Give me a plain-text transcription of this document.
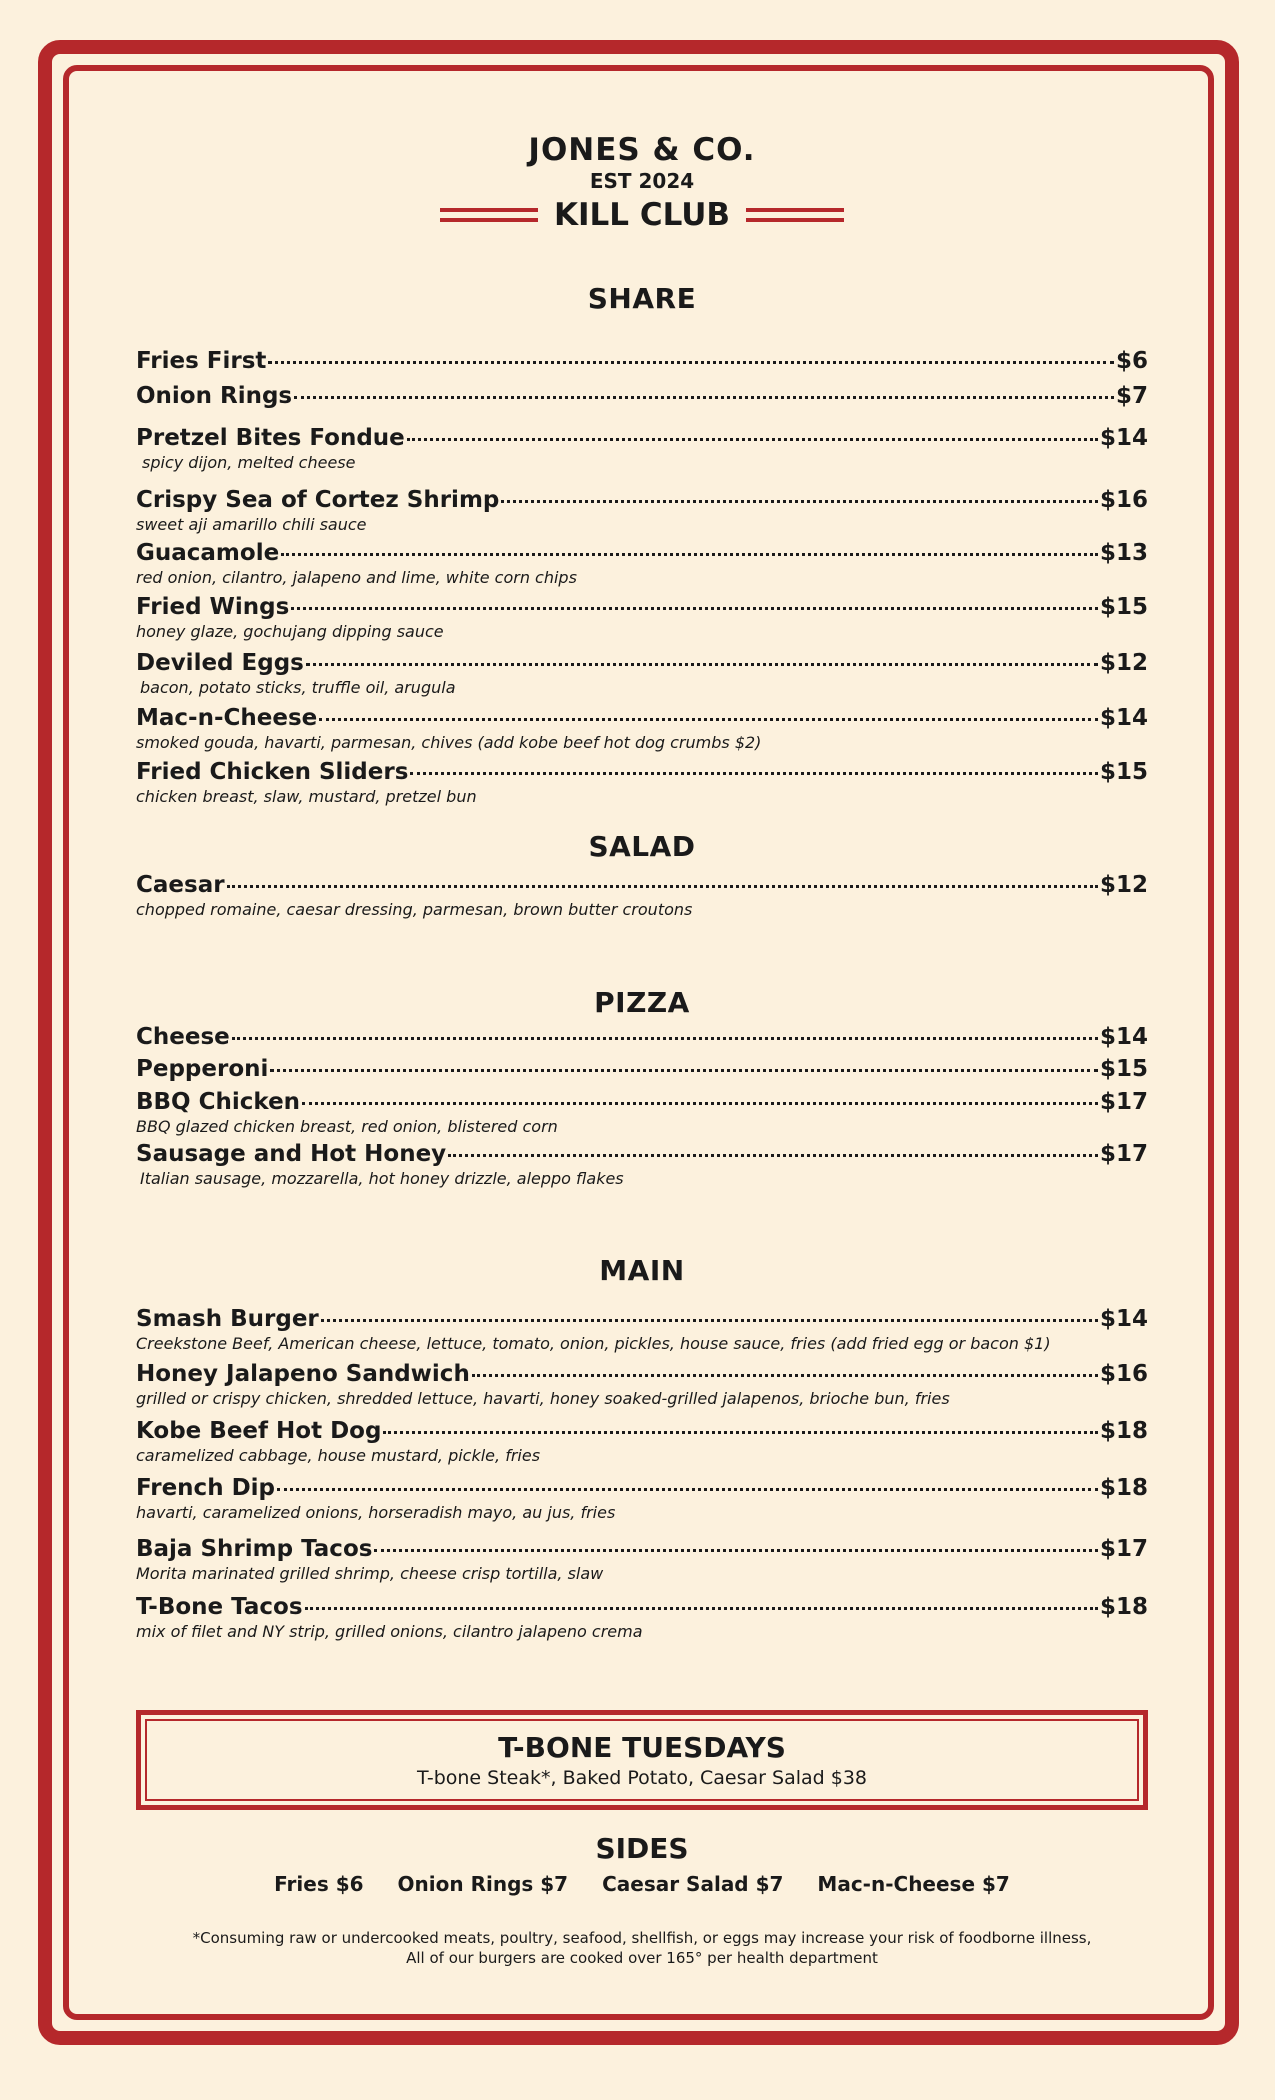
JONES & CO.
EST 2024
KILL CLUB
SHARE
Fries First	$6
Onion Rings	$7
Pretzel Bites Fondue	$14
spicy dijon, melted cheese
Crispy Sea of Cortez Shrimp	$16
sweet aji amarillo chili sauce
Guacamole	$13
red onion, cilantro, jalapeno and lime, white corn chips
Fried Wings	$15
honey glaze, gochujang dipping sauce
Deviled Eggs	$12
bacon, potato sticks, truffle oil, arugula
Mac-n-Cheese	$14
smoked gouda, havarti, parmesan, chives (add kobe beef hot dog crumbs $2)
Fried Chicken Sliders	$15
chicken breast, slaw, mustard, pretzel bun
SALAD
Caesar	$12
chopped romaine, caesar dressing, parmesan, brown butter croutons
PIZZA
Cheese	$14
Pepperoni	$15
BBQ Chicken	$17
BBQ glazed chicken breast, red onion, blistered corn
Sausage and Hot Honey	$17
Italian sausage, mozzarella, hot honey drizzle, aleppo flakes
MAIN
Smash Burger	$14
Creekstone Beef, American cheese, lettuce, tomato, onion, pickles, house sauce, fries (add fried egg or bacon $1)
Honey Jalapeno Sandwich	$16
grilled or crispy chicken, shredded lettuce, havarti, honey soaked-grilled jalapenos, brioche bun, fries
Kobe Beef Hot Dog	$18
caramelized cabbage, house mustard, pickle, fries
French Dip	$18
havarti, caramelized onions, horseradish mayo, au jus, fries
Baja Shrimp Tacos	$17
Morita marinated grilled shrimp, cheese crisp tortilla, slaw
T-Bone Tacos	$18
mix of filet and NY strip, grilled onions, cilantro jalapeno crema
T-BONE TUESDAYS
T-bone Steak*, Baked Potato, Caesar Salad $38
SIDES
Fries $6 Onion Rings $7 Caesar Salad $7 Mac-n-Cheese $7
*Consuming raw or undercooked meats, poultry, seafood, shellfish, or eggs may increase your risk of foodborne illness,
All of our burgers are cooked over 165° per health department
